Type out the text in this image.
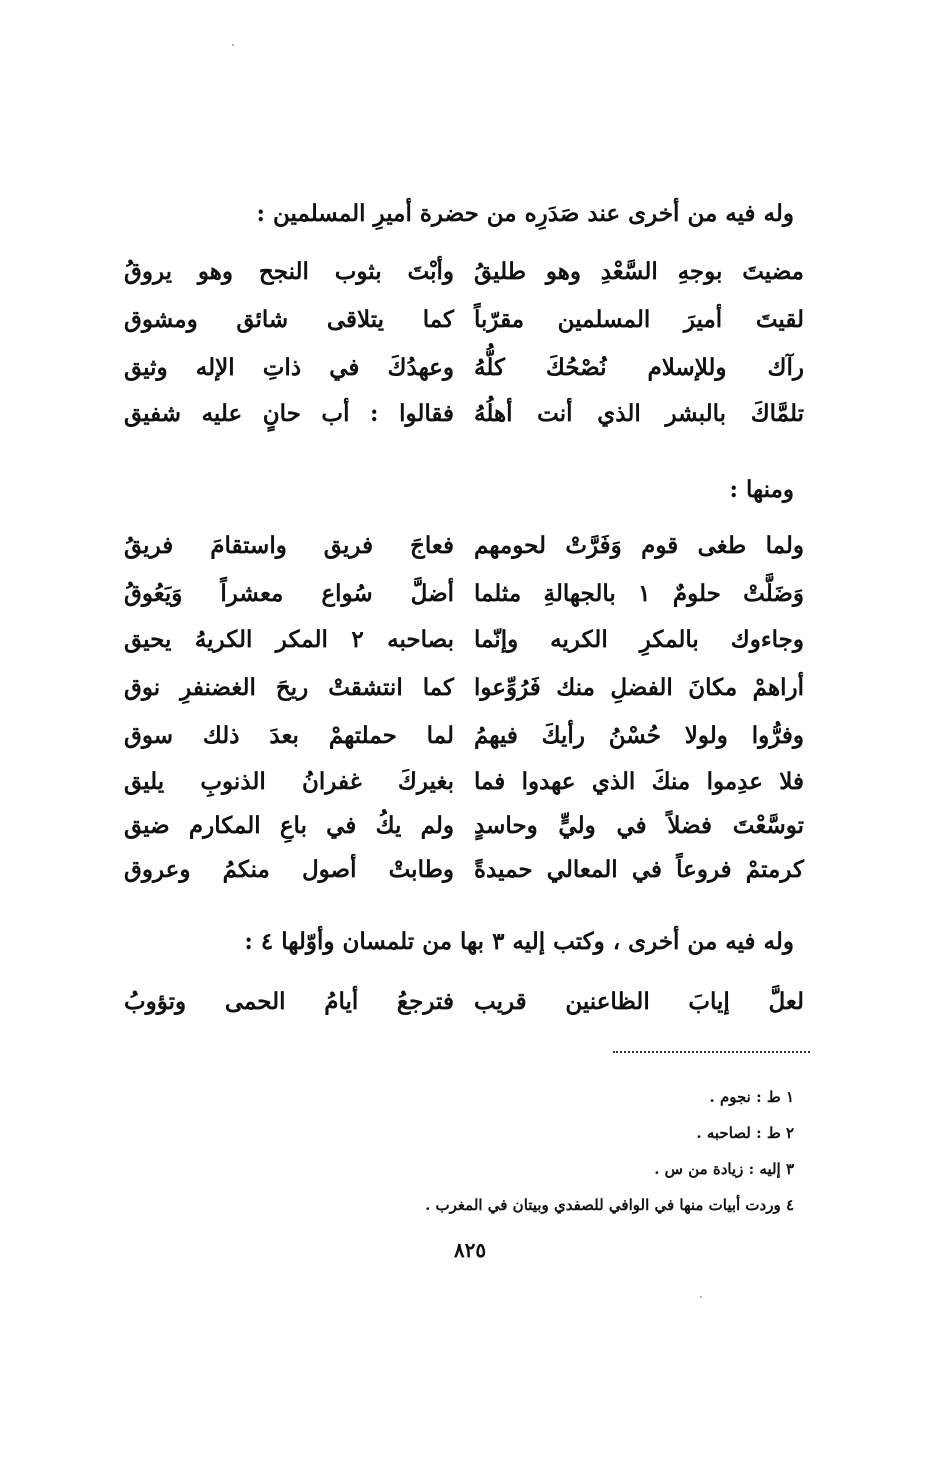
وله فيه من أخرى عند صَدَرِه من حضرة أميرِ المسلمين :
مضيتَ بوجهِ السَّعْدِ وهو طليقُ
وأبْتَ بثوب النجح وهو يروقُ
لقيتَ أميرَ المسلمين مقرّباً
كما يتلاقى شائق ومشوق
رآك وللإسلام نُصْحُكَ كلُّهُ
وعهدُكَ في ذاتِ الإله وثيق
تلمَّاكَ بالبشر الذي أنت أهلُهُ
فقالوا : أب حانٍ عليه شفيق
ومنها :
ولما طغى قوم وَفَرَّتْ لحومهم
فعاجَ فريق واستقامَ فريقُ
وَضَلَّتْ حلومٌ ١ بالجهالةِ مثلما
أضلَّ سُواع معشراً وَيَعُوقُ
وجاءوك بالمكرِ الكريه وإنّما
بصاحبه ٢ المكر الكريهُ يحيق
أراهمْ مكانَ الفضلِ منك فَرُوِّعوا
كما انتشقتْ ريحَ الغضنفرِ نوق
وفرُّوا ولولا حُسْنُ رأيكَ فيهمُ
لما حملتهمْ بعدَ ذلك سوق
فلا عدِموا منكَ الذي عهدوا فما
بغيركَ غفرانُ الذنوبِ يليق
توسَّعْتَ فضلاً في وليٍّ وحاسدٍ
ولم يكُ في باعِ المكارم ضيق
كرمتمْ فروعاً في المعالي حميدةً
وطابتْ أصول منكمُ وعروق
وله فيه من أخرى ، وكتب إليه ٣ بها من تلمسان وأوّلها ٤ :
لعلَّ إيابَ الظاعنين قريب
فترجعُ أيامُ الحمى وتؤوبُ
١ ط : نجوم .
٢ ط : لصاحبه .
٣ إليه : زيادة من س .
٤ وردت أبيات منها في الوافي للصفدي وبيتان في المغرب .
٨٢٥
